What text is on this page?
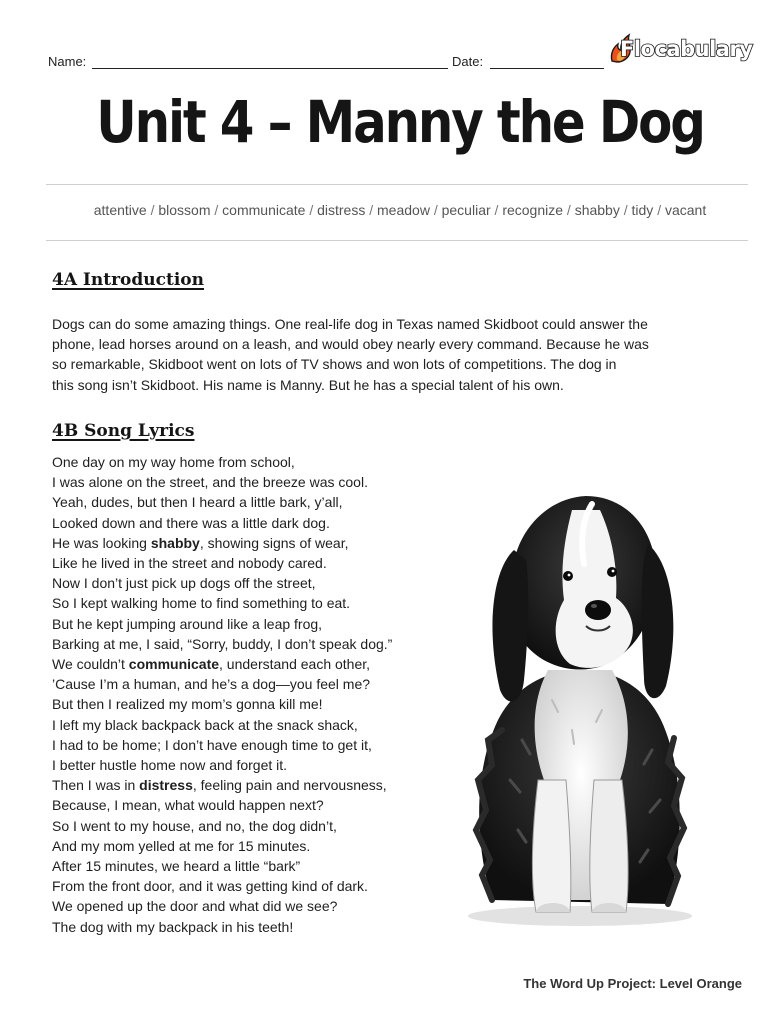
Name:	Date:
Flocabulary
Unit 4 – Manny the Dog
attentive / blossom / communicate / distress / meadow / peculiar / recognize / shabby / tidy / vacant
4A Introduction
Dogs can do some amazing things. One real-life dog in Texas named Skidboot could answer the
phone, lead horses around on a leash, and would obey nearly every command. Because he was
so remarkable, Skidboot went on lots of TV shows and won lots of competitions. The dog in
this song isn’t Skidboot. His name is Manny. But he has a special talent of his own.
4B Song Lyrics
One day on my way home from school,
I was alone on the street, and the breeze was cool.
Yeah, dudes, but then I heard a little bark, y’all,
Looked down and there was a little dark dog.
He was looking shabby, showing signs of wear,
Like he lived in the street and nobody cared.
Now I don’t just pick up dogs off the street,
So I kept walking home to find something to eat.
But he kept jumping around like a leap frog,
Barking at me, I said, “Sorry, buddy, I don’t speak dog.”
We couldn’t communicate, understand each other,
’Cause I’m a human, and he’s a dog—you feel me?
But then I realized my mom’s gonna kill me!
I left my black backpack back at the snack shack,
I had to be home; I don’t have enough time to get it,
I better hustle home now and forget it.
Then I was in distress, feeling pain and nervousness,
Because, I mean, what would happen next?
So I went to my house, and no, the dog didn’t,
And my mom yelled at me for 15 minutes.
After 15 minutes, we heard a little “bark”
From the front door, and it was getting kind of dark.
We opened up the door and what did we see?
The dog with my backpack in his teeth!
The Word Up Project: Level Orange
